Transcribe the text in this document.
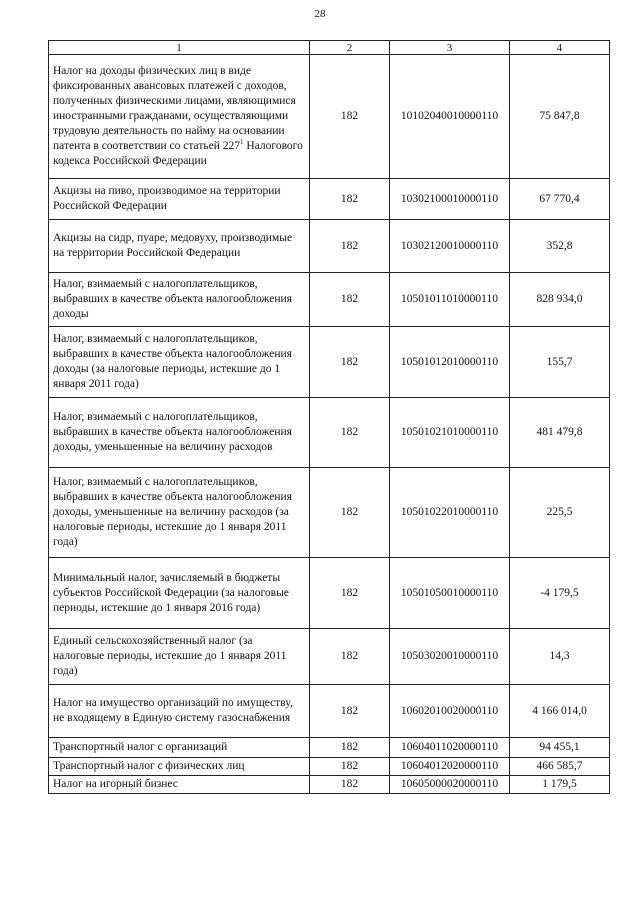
28
1	2	3	4
Налог на доходы физических лиц в виде фиксированных авансовых платежей с доходов, полученных физическими лицами, являющимися иностранными гражданами, осуществляющими трудовую деятельность по найму на основании патента в соответствии со статьей $227^1$ Налогового кодекса Российской Федерации	182	10102040010000110	75 847,8
Акцизы на пиво, производимое на территории Российской Федерации	182	10302100010000110	67 770,4
Акцизы на сидр, пуаре, медовуху, производимые на территории Российской Федерации	182	10302120010000110	352,8
Налог, взимаемый с налогоплательщиков, выбравших в качестве объекта налогообложения доходы	182	10501011010000110	828 934,0
Налог, взимаемый с налогоплательщиков, выбравших в качестве объекта налогообложения доходы (за налоговые периоды, истекшие до 1 января 2011 года)	182	10501012010000110	155,7
Налог, взимаемый с налогоплательщиков, выбравших в качестве объекта налогообложения доходы, уменьшенные на величину расходов	182	10501021010000110	481 479,8
Налог, взимаемый с налогоплательщиков, выбравших в качестве объекта налогообложения доходы, уменьшенные на величину расходов (за налоговые периоды, истекшие до 1 января 2011 года)	182	10501022010000110	225,5
Минимальный налог, зачисляемый в бюджеты субъектов Российской Федерации (за налоговые периоды, истекшие до 1 января 2016 года)	182	10501050010000110	-4 179,5
Единый сельскохозяйственный налог (за налоговые периоды, истекшие до 1 января 2011 года)	182	10503020010000110	14,3
Налог на имущество организаций по имуществу, не входящему в Единую систему газоснабжения	182	10602010020000110	4 166 014,0
Транспортный налог с организаций	182	10604011020000110	94 455,1
Транспортный налог с физических лиц	182	10604012020000110	466 585,7
Налог на игорный бизнес	182	10605000020000110	1 179,5
